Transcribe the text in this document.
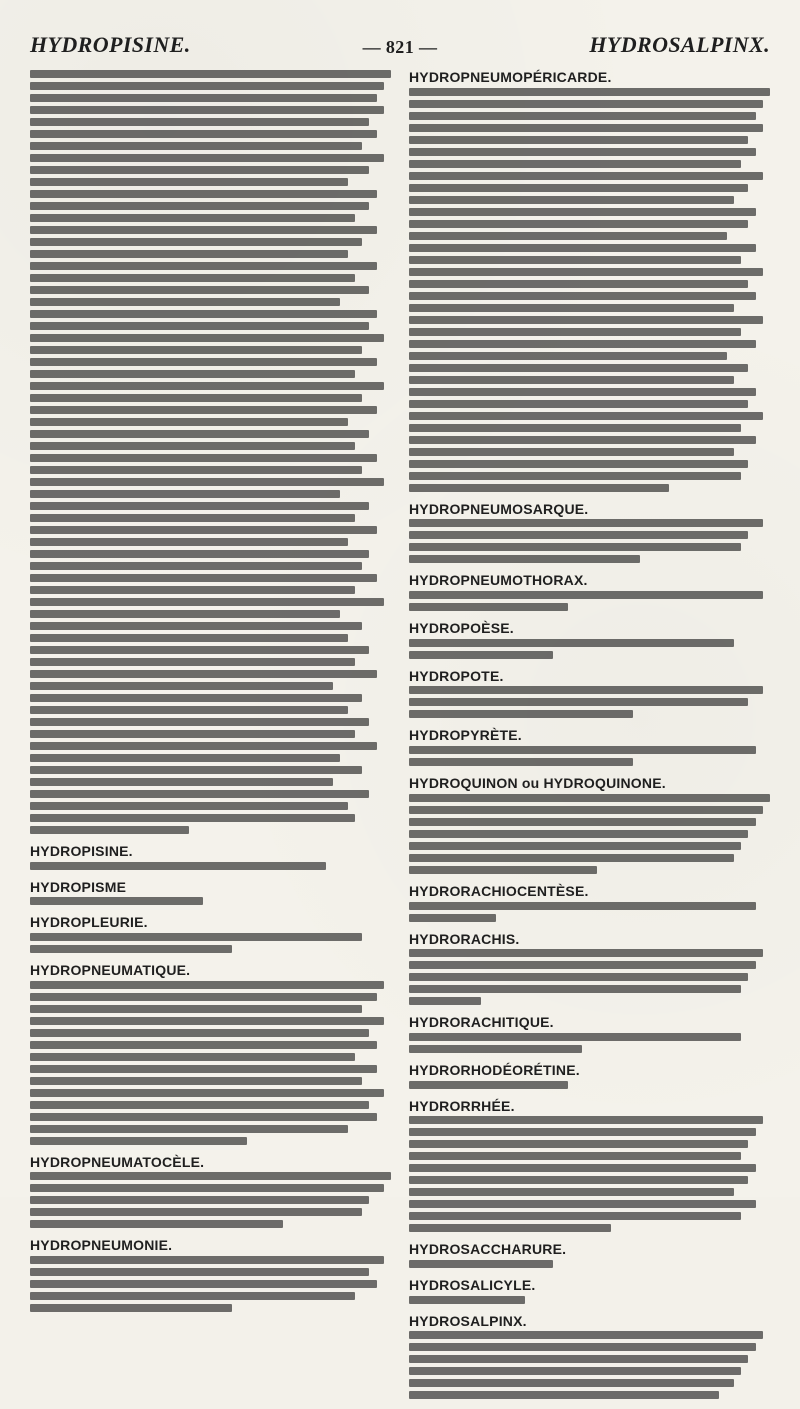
HYDROPISINE.	— 821 —	HYDROSALPINX.
HYDROPISINE.
HYDROPISME
HYDROPLEURIE.
HYDROPNEUMATIQUE.
HYDROPNEUMATOCÈLE.
HYDROPNEUMONIE.
HYDROPNEUMOPÉRICARDE.
HYDROPNEUMOSARQUE.
HYDROPNEUMOTHORAX.
HYDROPOÈSE.
HYDROPOTE.
HYDROPYRÈTE.
HYDROQUINON ou HYDROQUINONE.
HYDRORACHIOCENTÈSE.
HYDRORACHIS.
HYDRORACHITIQUE.
HYDRORHODÉORÉTINE.
HYDRORRHÉE.
HYDROSACCHARURE.
HYDROSALICYLE.
HYDROSALPINX.
